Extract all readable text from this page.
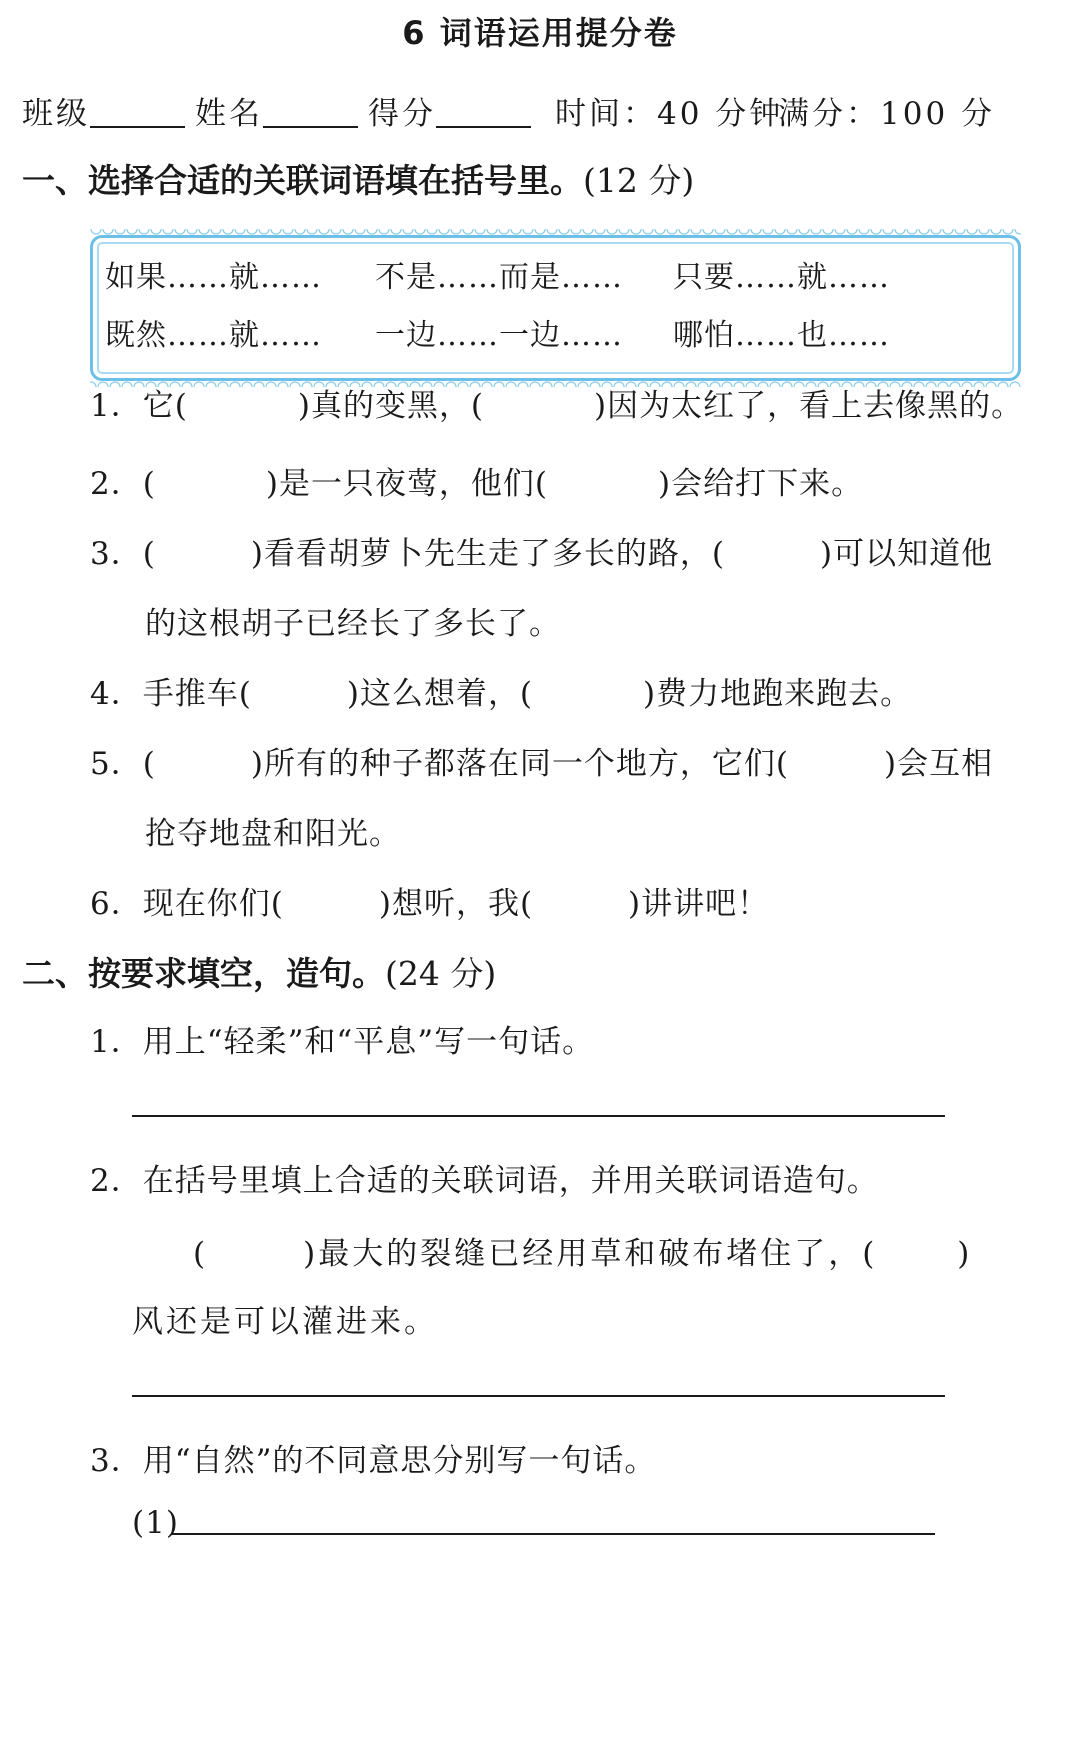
6 词语运用提分卷
班级	姓名	得分	时间：40 分钟
满分：100 分
一、选择合适的关联词语填在括号里。(12 分)
如果……就…… 不是……而是…… 只要……就……
既然……就…… 一边……一边…… 哪怕……也……
1．它(	)真的变黑，(	)因为太红了，看上去像黑的。
2．(	)是一只夜莺，他们(	)会给打下来。
3．(	)看看胡萝卜先生走了多长的路，(	)可以知道他
的这根胡子已经长了多长了。
4．手推车(	)这么想着，(	)费力地跑来跑去。
5．(	)所有的种子都落在同一个地方，它们(	)会互相
抢夺地盘和阳光。
6．现在你们(	)想听，我(	)讲讲吧！
二、按要求填空，造句。(24 分)
1．用上“轻柔”和“平息”写一句话。
2．在括号里填上合适的关联词语，并用关联词语造句。
(	)最大的裂缝已经用草和破布堵住了，(	)
风还是可以灌进来。
3．用“自然”的不同意思分别写一句话。
(1)
